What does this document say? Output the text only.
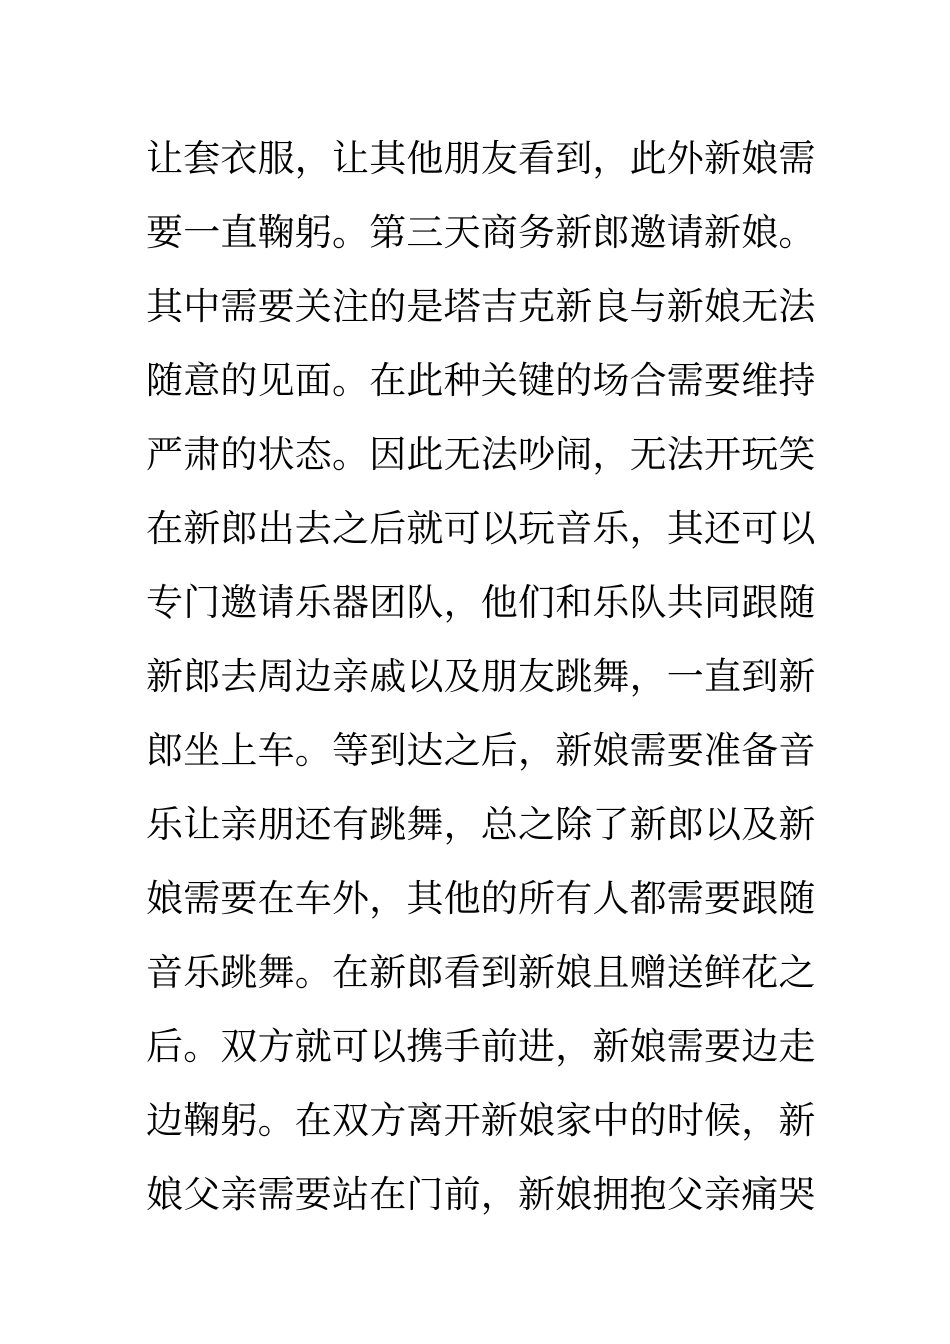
让套衣服，让其他朋友看到，此外新娘需
要一直鞠躬。第三天商务新郎邀请新娘。
其中需要关注的是塔吉克新良与新娘无法
随意的见面。在此种关键的场合需要维持
严肃的状态。因此无法吵闹，无法开玩笑
在新郎出去之后就可以玩音乐，其还可以
专门邀请乐器团队，他们和乐队共同跟随
新郎去周边亲戚以及朋友跳舞，一直到新
郎坐上车。等到达之后，新娘需要准备音
乐让亲朋还有跳舞，总之除了新郎以及新
娘需要在车外，其他的所有人都需要跟随
音乐跳舞。在新郎看到新娘且赠送鲜花之
后。双方就可以携手前进，新娘需要边走
边鞠躬。在双方离开新娘家中的时候，新
娘父亲需要站在门前，新娘拥抱父亲痛哭
